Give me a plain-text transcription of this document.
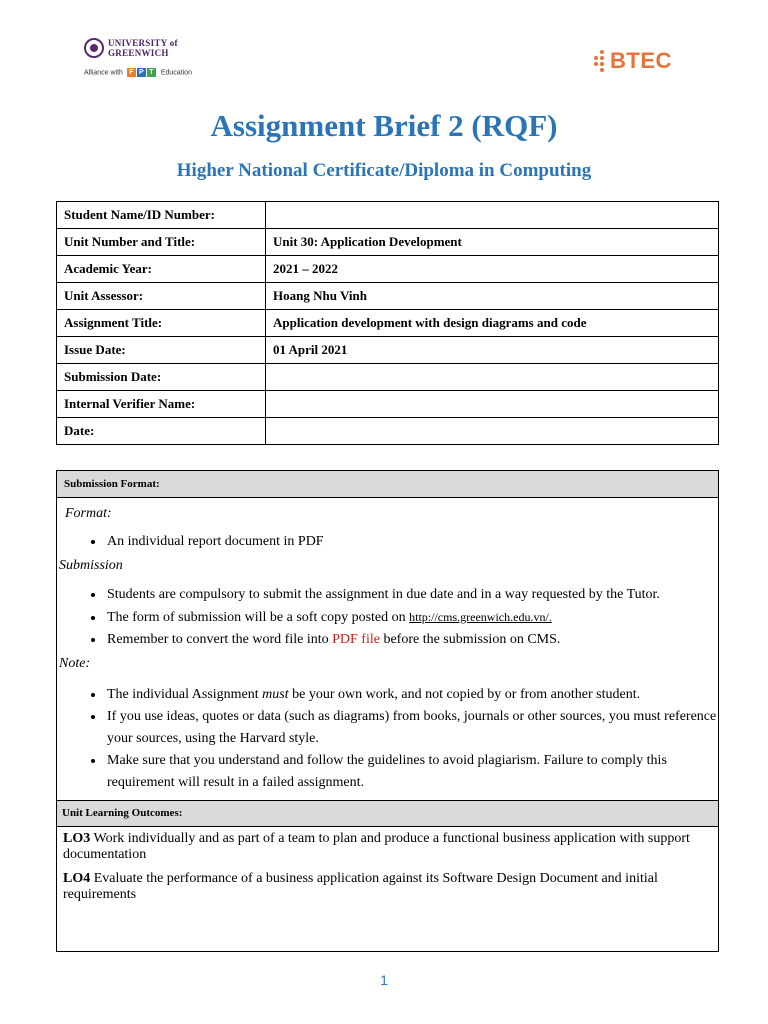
UNIVERSITY of
GREENWICH
Alliance with F P T Education	BTEC
Assignment Brief 2 (RQF)
Higher National Certificate/Diploma in Computing
Student Name/ID Number:	
Unit Number and Title:	Unit 30: Application Development
Academic Year:	2021 – 2022
Unit Assessor:	Hoang Nhu Vinh
Assignment Title:	Application development with design diagrams and code
Issue Date:	01 April 2021
Submission Date:	
Internal Verifier Name:	
Date:	
Submission Format:

Format:

• An individual report document in PDF

Submission

• Students are compulsory to submit the assignment in due date and in a way requested by the Tutor.
• The form of submission will be a soft copy posted on http://cms.greenwich.edu.vn/.
• Remember to convert the word file into PDF file before the submission on CMS.

Note:

• The individual Assignment must be your own work, and not copied by or from another student.
• If you use ideas, quotes or data (such as diagrams) from books, journals or other sources, you must reference your sources, using the Harvard style.
• Make sure that you understand and follow the guidelines to avoid plagiarism. Failure to comply this requirement will result in a failed assignment.
Unit Learning Outcomes:
LO3 Work individually and as part of a team to plan and produce a functional business application with support documentation
LO4 Evaluate the performance of a business application against its Software Design Document and initial requirements
1
